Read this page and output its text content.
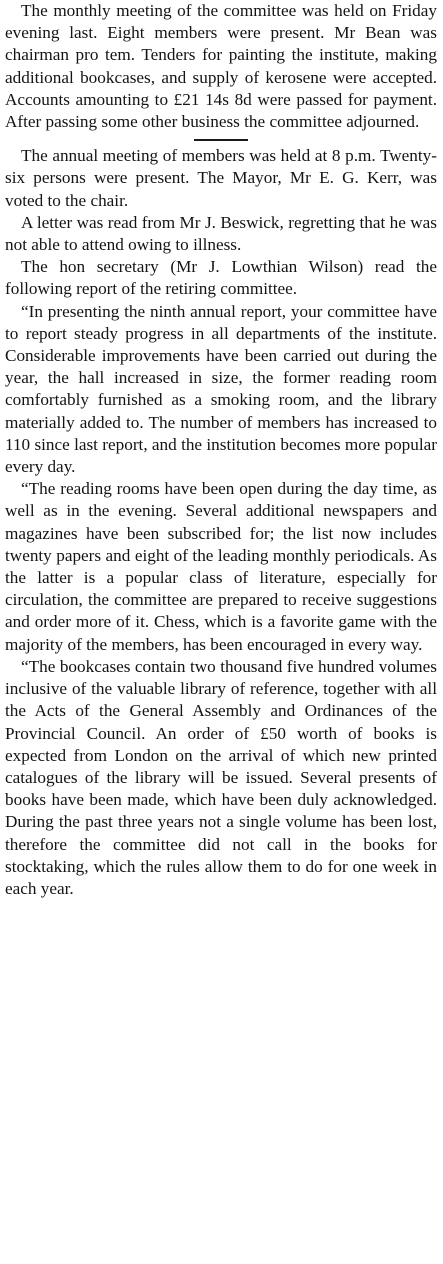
The monthly meeting of the committee was held on Friday evening last. Eight members were present. Mr Bean was chairman pro tem. Tenders for painting the institute, making additional bookcases, and supply of kerosene were accepted. Accounts amounting to £21 14s 8d were passed for payment. After passing some other business the committee adjourned.

The annual meeting of members was held at 8 p.m. Twenty-six persons were present. The Mayor, Mr E. G. Kerr, was voted to the chair.

A letter was read from Mr J. Beswick, regretting that he was not able to attend owing to illness.

The hon secretary (Mr J. Lowthian Wilson) read the following report of the retiring committee.

“In presenting the ninth annual report, your committee have to report steady progress in all departments of the institute. Considerable improvements have been carried out during the year, the hall increased in size, the former reading room comfortably furnished as a smoking room, and the library materially added to. The number of members has increased to 110 since last report, and the institution becomes more popular every day.

“The reading rooms have been open during the day time, as well as in the evening. Several additional newspapers and magazines have been subscribed for; the list now includes twenty papers and eight of the leading monthly periodicals. As the latter is a popular class of literature, especially for circulation, the committee are prepared to receive suggestions and order more of it. Chess, which is a favorite game with the majority of the members, has been encouraged in every way.

“The bookcases contain two thousand five hundred volumes inclusive of the valuable library of reference, together with all the Acts of the General Assembly and Ordinances of the Provincial Council. An order of £50 worth of books is expected from London on the arrival of which new printed catalogues of the library will be issued. Several presents of books have been made, which have been duly acknowledged. During the past three years not a single volume has been lost, therefore the committee did not call in the books for stocktaking, which the rules allow them to do for one week in each year.
